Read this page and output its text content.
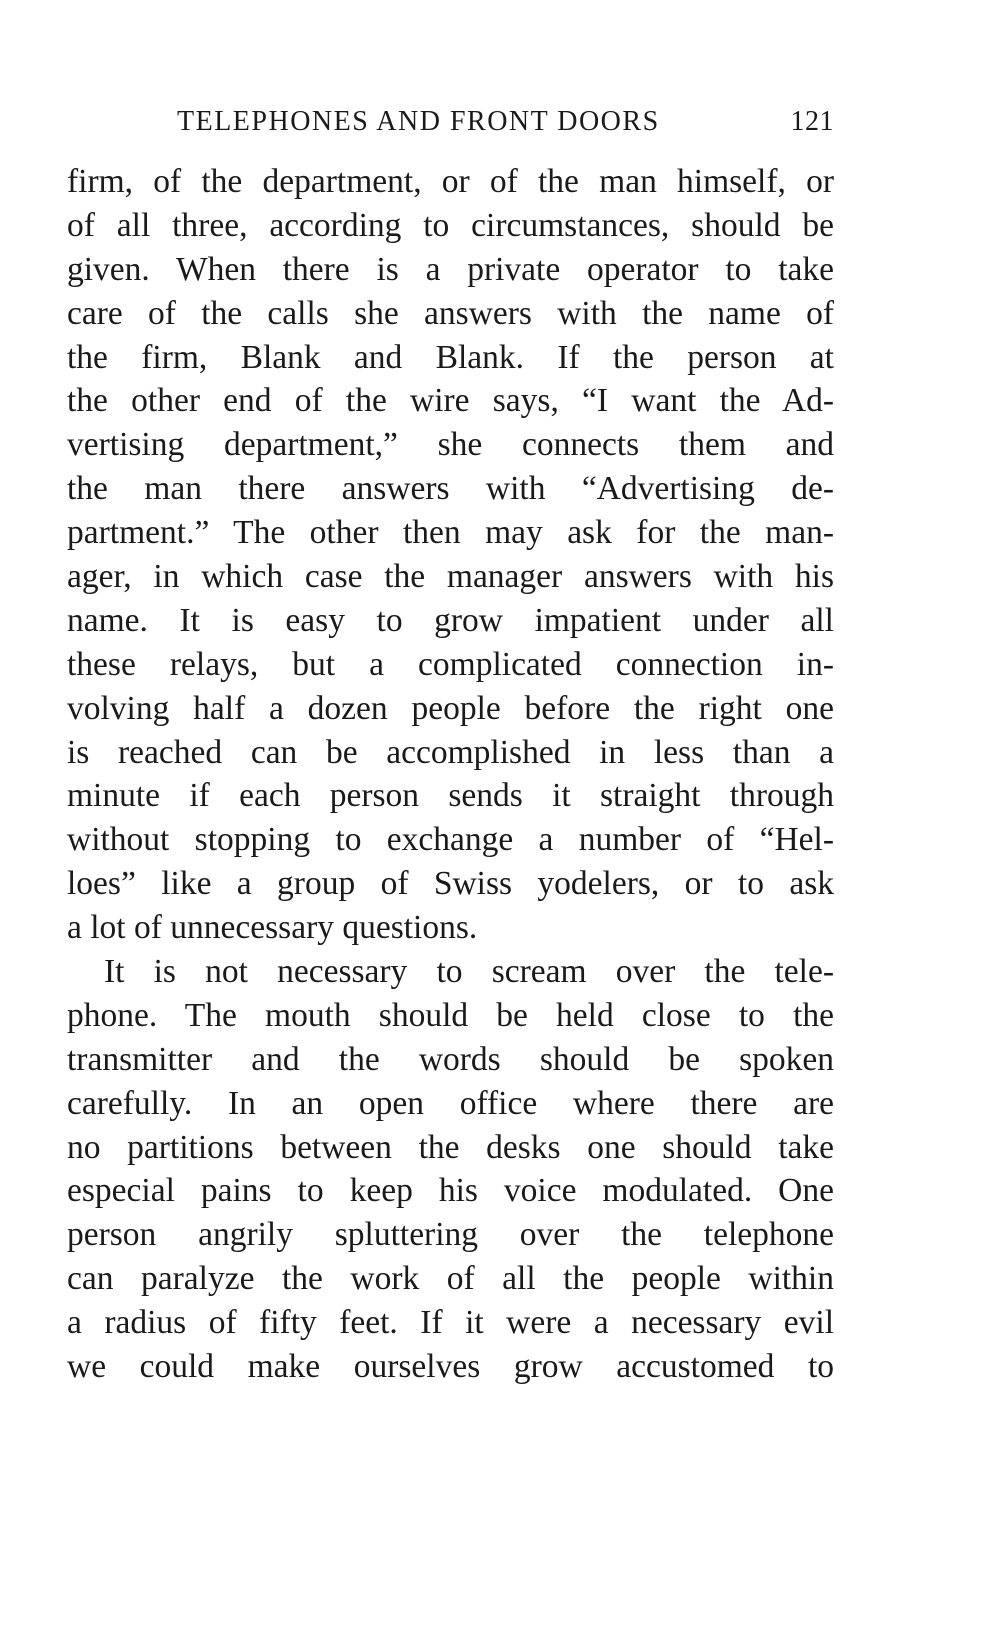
TELEPHONES AND FRONT DOORS	121
firm, of the department, or of the man himself, or
of all three, according to circumstances, should be
given. When there is a private operator to take
care of the calls she answers with the name of
the firm, Blank and Blank. If the person at
the other end of the wire says, “I want the Ad-
vertising department,” she connects them and
the man there answers with “Advertising de-
partment.” The other then may ask for the man-
ager, in which case the manager answers with his
name. It is easy to grow impatient under all
these relays, but a complicated connection in-
volving half a dozen people before the right one
is reached can be accomplished in less than a
minute if each person sends it straight through
without stopping to exchange a number of “Hel-
loes” like a group of Swiss yodelers, or to ask
a lot of unnecessary questions.
It is not necessary to scream over the tele-
phone. The mouth should be held close to the
transmitter and the words should be spoken
carefully. In an open office where there are
no partitions between the desks one should take
especial pains to keep his voice modulated. One
person angrily spluttering over the telephone
can paralyze the work of all the people within
a radius of fifty feet. If it were a necessary evil
we could make ourselves grow accustomed to
